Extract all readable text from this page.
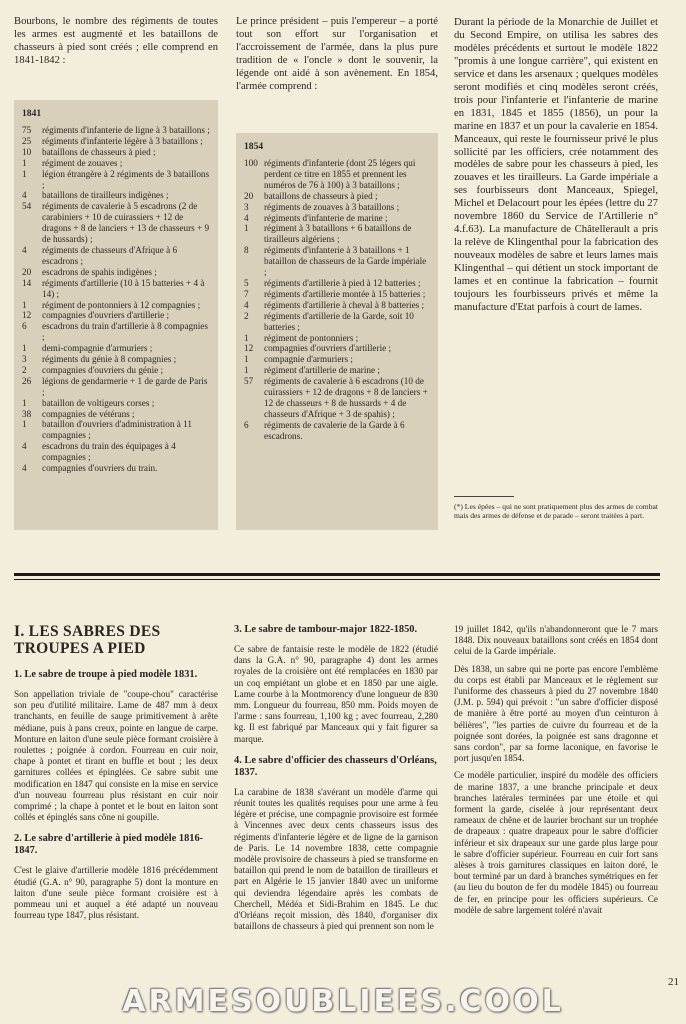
Bourbons, le nombre des régiments de toutes les armes est augmenté et les bataillons de chasseurs à pied sont créés ; elle comprend en 1841-1842 :

1841
75 régiments d'infanterie de ligne à 3 bataillons ;
25 régiments d'infanterie légère à 3 bataillons ;
10 bataillons de chasseurs à pied ;
1 régiment de zouaves ;
1 légion étrangère à 2 régiments de 3 bataillons ;
4 bataillons de tirailleurs indigènes ;
54 régiments de cavalerie à 5 escadrons (2 de carabiniers + 10 de cuirassiers + 12 de dragons + 8 de lanciers + 13 de chasseurs + 9 de hussards) ;
4 régiments de chasseurs d'Afrique à 6 escadrons ;
20 escadrons de spahis indigènes ;
14 régiments d'artillerie (10 à 15 batteries + 4 à 14) ;
1 régiment de pontonniers à 12 compagnies ;
12 compagnies d'ouvriers d'artillerie ;
6 escadrons du train d'artillerie à 8 compagnies ;
1 demi-compagnie d'armuriers ;
3 régiments du génie à 8 compagnies ;
2 compagnies d'ouvriers du génie ;
26 légions de gendarmerie + 1 de garde de Paris ;
1 bataillon de voltigeurs corses ;
38 compagnies de vétérans ;
1 bataillon d'ouvriers d'administration à 11 compagnies ;
4 escadrons du train des équipages à 4 compagnies ;
4 compagnies d'ouvriers du train.

Le prince président – puis l'empereur – a porté tout son effort sur l'organisation et l'accroissement de l'armée, dans la plus pure tradition de « l'oncle » dont le souvenir, la légende ont aidé à son avènement. En 1854, l'armée comprend :

1854
100 régiments d'infanterie (dont 25 légers qui perdent ce titre en 1855 et prennent les numéros de 76 à 100) à 3 bataillons ;
20 bataillons de chasseurs à pied ;
3 régiments de zouaves à 3 bataillons ;
4 régiments d'infanterie de marine ;
1 régiment à 3 bataillons + 6 bataillons de tirailleurs algériens ;
8 régiments d'infanterie à 3 bataillons + 1 bataillon de chasseurs de la Garde impériale ;
5 régiments d'artillerie à pied à 12 batteries ;
7 régiments d'artillerie montée à 15 batteries ;
4 régiments d'artillerie à cheval à 8 batteries ;
2 régiments d'artillerie de la Garde, soit 10 batteries ;
1 régiment de pontonniers ;
12 compagnies d'ouvriers d'artillerie ;
1 compagnie d'armuriers ;
1 régiment d'artillerie de marine ;
57 régiments de cavalerie à 6 escadrons (10 de cuirassiers + 12 de dragons + 8 de lanciers + 12 de chasseurs + 8 de hussards + 4 de chasseurs d'Afrique + 3 de spahis) ;
6 régiments de cavalerie de la Garde à 6 escadrons.

Durant la période de la Monarchie de Juillet et du Second Empire, on utilisa les sabres des modèles précédents et surtout le modèle 1822 "promis à une longue carrière", qui existent en service et dans les arsenaux ; quelques modèles seront modifiés et cinq modèles seront créés, trois pour l'infanterie et l'infanterie de marine en 1831, 1845 et 1855 (1856), un pour la marine en 1837 et un pour la cavalerie en 1854. Manceaux, qui reste le fournisseur privé le plus sollicité par les officiers, crée notamment des modèles de sabre pour les chasseurs à pied, les zouaves et les tirailleurs. La Garde impériale a ses fourbisseurs dont Manceaux, Spiegel, Michel et Delacourt pour les épées (lettre du 27 novembre 1860 du Service de l'Artillerie n° 4.f.63). La manufacture de Châtellerault a pris la relève de Klingenthal pour la fabrication des nouveaux modèles de sabre et leurs lames mais Klingenthal – qui détient un stock important de lames et en continue la fabrication – fournit toujours les fourbisseurs privés et même la manufacture d'Etat parfois à court de lames.

(*) Les épées – qui ne sont pratiquement plus des armes de combat mais des armes de défense et de parade – seront traitées à part.

I. LES SABRES DES TROUPES A PIED
1. Le sabre de troupe à pied modèle 1831.

Son appellation triviale de "coupe-chou" caractérise son peu d'utilité militaire. Lame de 487 mm à deux tranchants, en feuille de sauge primitivement à arête médiane, puis à pans creux, pointe en langue de carpe. Monture en laiton d'une seule pièce formant croisière à roulettes ; poignée à cordon. Fourreau en cuir noir, chape à pontet et tirant en buffle et bout ; les deux garnitures collées et épinglées. Ce sabre subit une modification en 1847 qui consiste en la mise en service d'un nouveau fourreau plus résistant en cuir noir comprimé ; la chape à pontet et le bout en laiton sont collés et épinglés sans cône ni goupille.

2. Le sabre d'artillerie à pied modèle 1816-1847.

C'est le glaive d'artillerie modèle 1816 précédemment étudié (G.A. n° 90, paragraphe 5) dont la monture en laiton d'une seule pièce formant croisière est à pommeau uni et auquel a été adapté un nouveau fourreau type 1847, plus résistant.

3. Le sabre de tambour-major 1822-1850.

Ce sabre de fantaisie reste le modèle de 1822 (étudié dans la G.A. n° 90, paragraphe 4) dont les armes royales de la croisière ont été remplacées en 1830 par un coq empiétant un globe et en 1850 par une aigle. Lame courbe à la Montmorency d'une longueur de 830 mm. Longueur du fourreau, 850 mm. Poids moyen de l'arme : sans fourreau, 1,100 kg ; avec fourreau, 2,280 kg. Il est fabriqué par Manceaux qui y fait figurer sa marque.

4. Le sabre d'officier des chasseurs d'Orléans, 1837.

La carabine de 1838 s'avérant un modèle d'arme qui réunit toutes les qualités requises pour une arme à feu légère et précise, une compagnie provisoire est formée à Vincennes avec deux cents chasseurs issus des régiments d'infanterie légère et de ligne de la garnison de Paris. Le 14 novembre 1838, cette compagnie modèle provisoire de chasseurs à pied se transforme en bataillon qui prend le nom de bataillon de tirailleurs et part en Algérie le 15 janvier 1840 avec un uniforme qui deviendra légendaire après les combats de Cherchell, Médéa et Sidi-Brahim en 1845. Le duc d'Orléans reçoit mission, dès 1840, d'organiser dix bataillons de chasseurs à pied qui prennent son nom le

19 juillet 1842, qu'ils n'abandonneront que le 7 mars 1848. Dix nouveaux bataillons sont créés en 1854 dont celui de la Garde impériale.

Dès 1838, un sabre qui ne porte pas encore l'emblème du corps est établi par Manceaux et le règlement sur l'uniforme des chasseurs à pied du 27 novembre 1840 (J.M. p. 594) qui prévoit : "un sabre d'officier disposé de manière à être porté au moyen d'un ceinturon à bélières", "les parties de cuivre du fourreau et de la poignée sont dorées, la poignée est sans dragonne et sans cordon", par sa forme laconique, en favorise le port jusqu'en 1854.

Ce modèle particulier, inspiré du modèle des officiers de marine 1837, a une branche principale et deux branches latérales terminées par une étoile et qui forment la garde, ciselée à jour représentant deux rameaux de chêne et de laurier brochant sur un trophée de drapeaux : quatre drapeaux pour le sabre d'officier inférieur et six drapeaux sur une garde plus large pour le sabre d'officier supérieur. Fourreau en cuir fort sans alèses à trois garnitures classiques en laiton doré, le bout terminé par un dard à branches symétriques en fer (au lieu du bouton de fer du modèle 1845) ou fourreau de fer, en principe pour les officiers supérieurs. Ce modèle de sabre largement toléré n'avait

21
ARMESOUBLIEES.COOL
